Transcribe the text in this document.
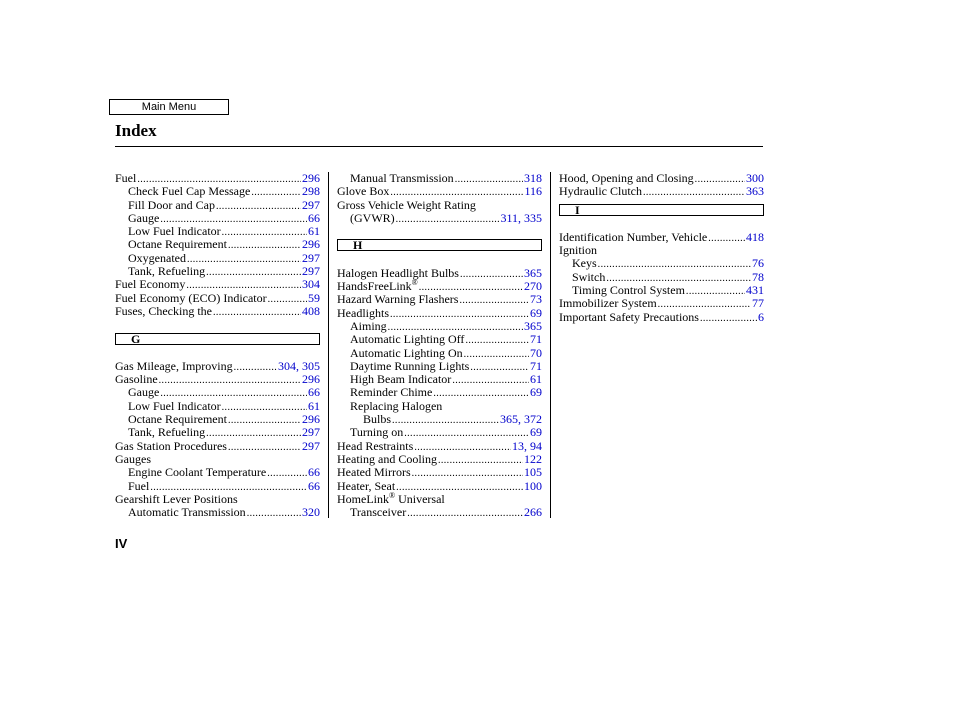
Main Menu
Index
Fuel .....	296
Check Fuel Cap Message .....	298
Fill Door and Cap .....	297
Gauge .....	66
Low Fuel Indicator .....	61
Octane Requirement .....	296
Oxygenated .....	297
Tank, Refueling .....	297
Fuel Economy .....	304
Fuel Economy (ECO) Indicator .....	59
Fuses, Checking the .....	408
G
Gas Mileage, Improving .....	304 , 305
Gasoline .....	296
Gauge .....	66
Low Fuel Indicator .....	61
Octane Requirement .....	296
Tank, Refueling .....	297
Gas Station Procedures .....	297
Gauges
Engine Coolant Temperature .....	66
Fuel .....	66
Gearshift Lever Positions
Automatic Transmission .....	320
Manual Transmission .....	318
Glove Box .....	116
Gross Vehicle Weight Rating
(GVWR) .....	311 , 335
H
Halogen Headlight Bulbs .....	365
HandsFreeLink® .....	270
Hazard Warning Flashers .....	73
Headlights .....	69
Aiming .....	365
Automatic Lighting Off .....	71
Automatic Lighting On .....	70
Daytime Running Lights .....	71
High Beam Indicator .....	61
Reminder Chime .....	69
Replacing Halogen
Bulbs .....	365 , 372
Turning on .....	69
Head Restraints .....	13 , 94
Heating and Cooling .....	122
Heated Mirrors .....	105
Heater, Seat .....	100
HomeLink® Universal
Transceiver .....	266
Hood, Opening and Closing .....	300
Hydraulic Clutch .....	363
I
Identification Number, Vehicle .....	418
Ignition
Keys .....	76
Switch .....	78
Timing Control System .....	431
Immobilizer System .....	77
Important Safety Precautions .....	6
IV
